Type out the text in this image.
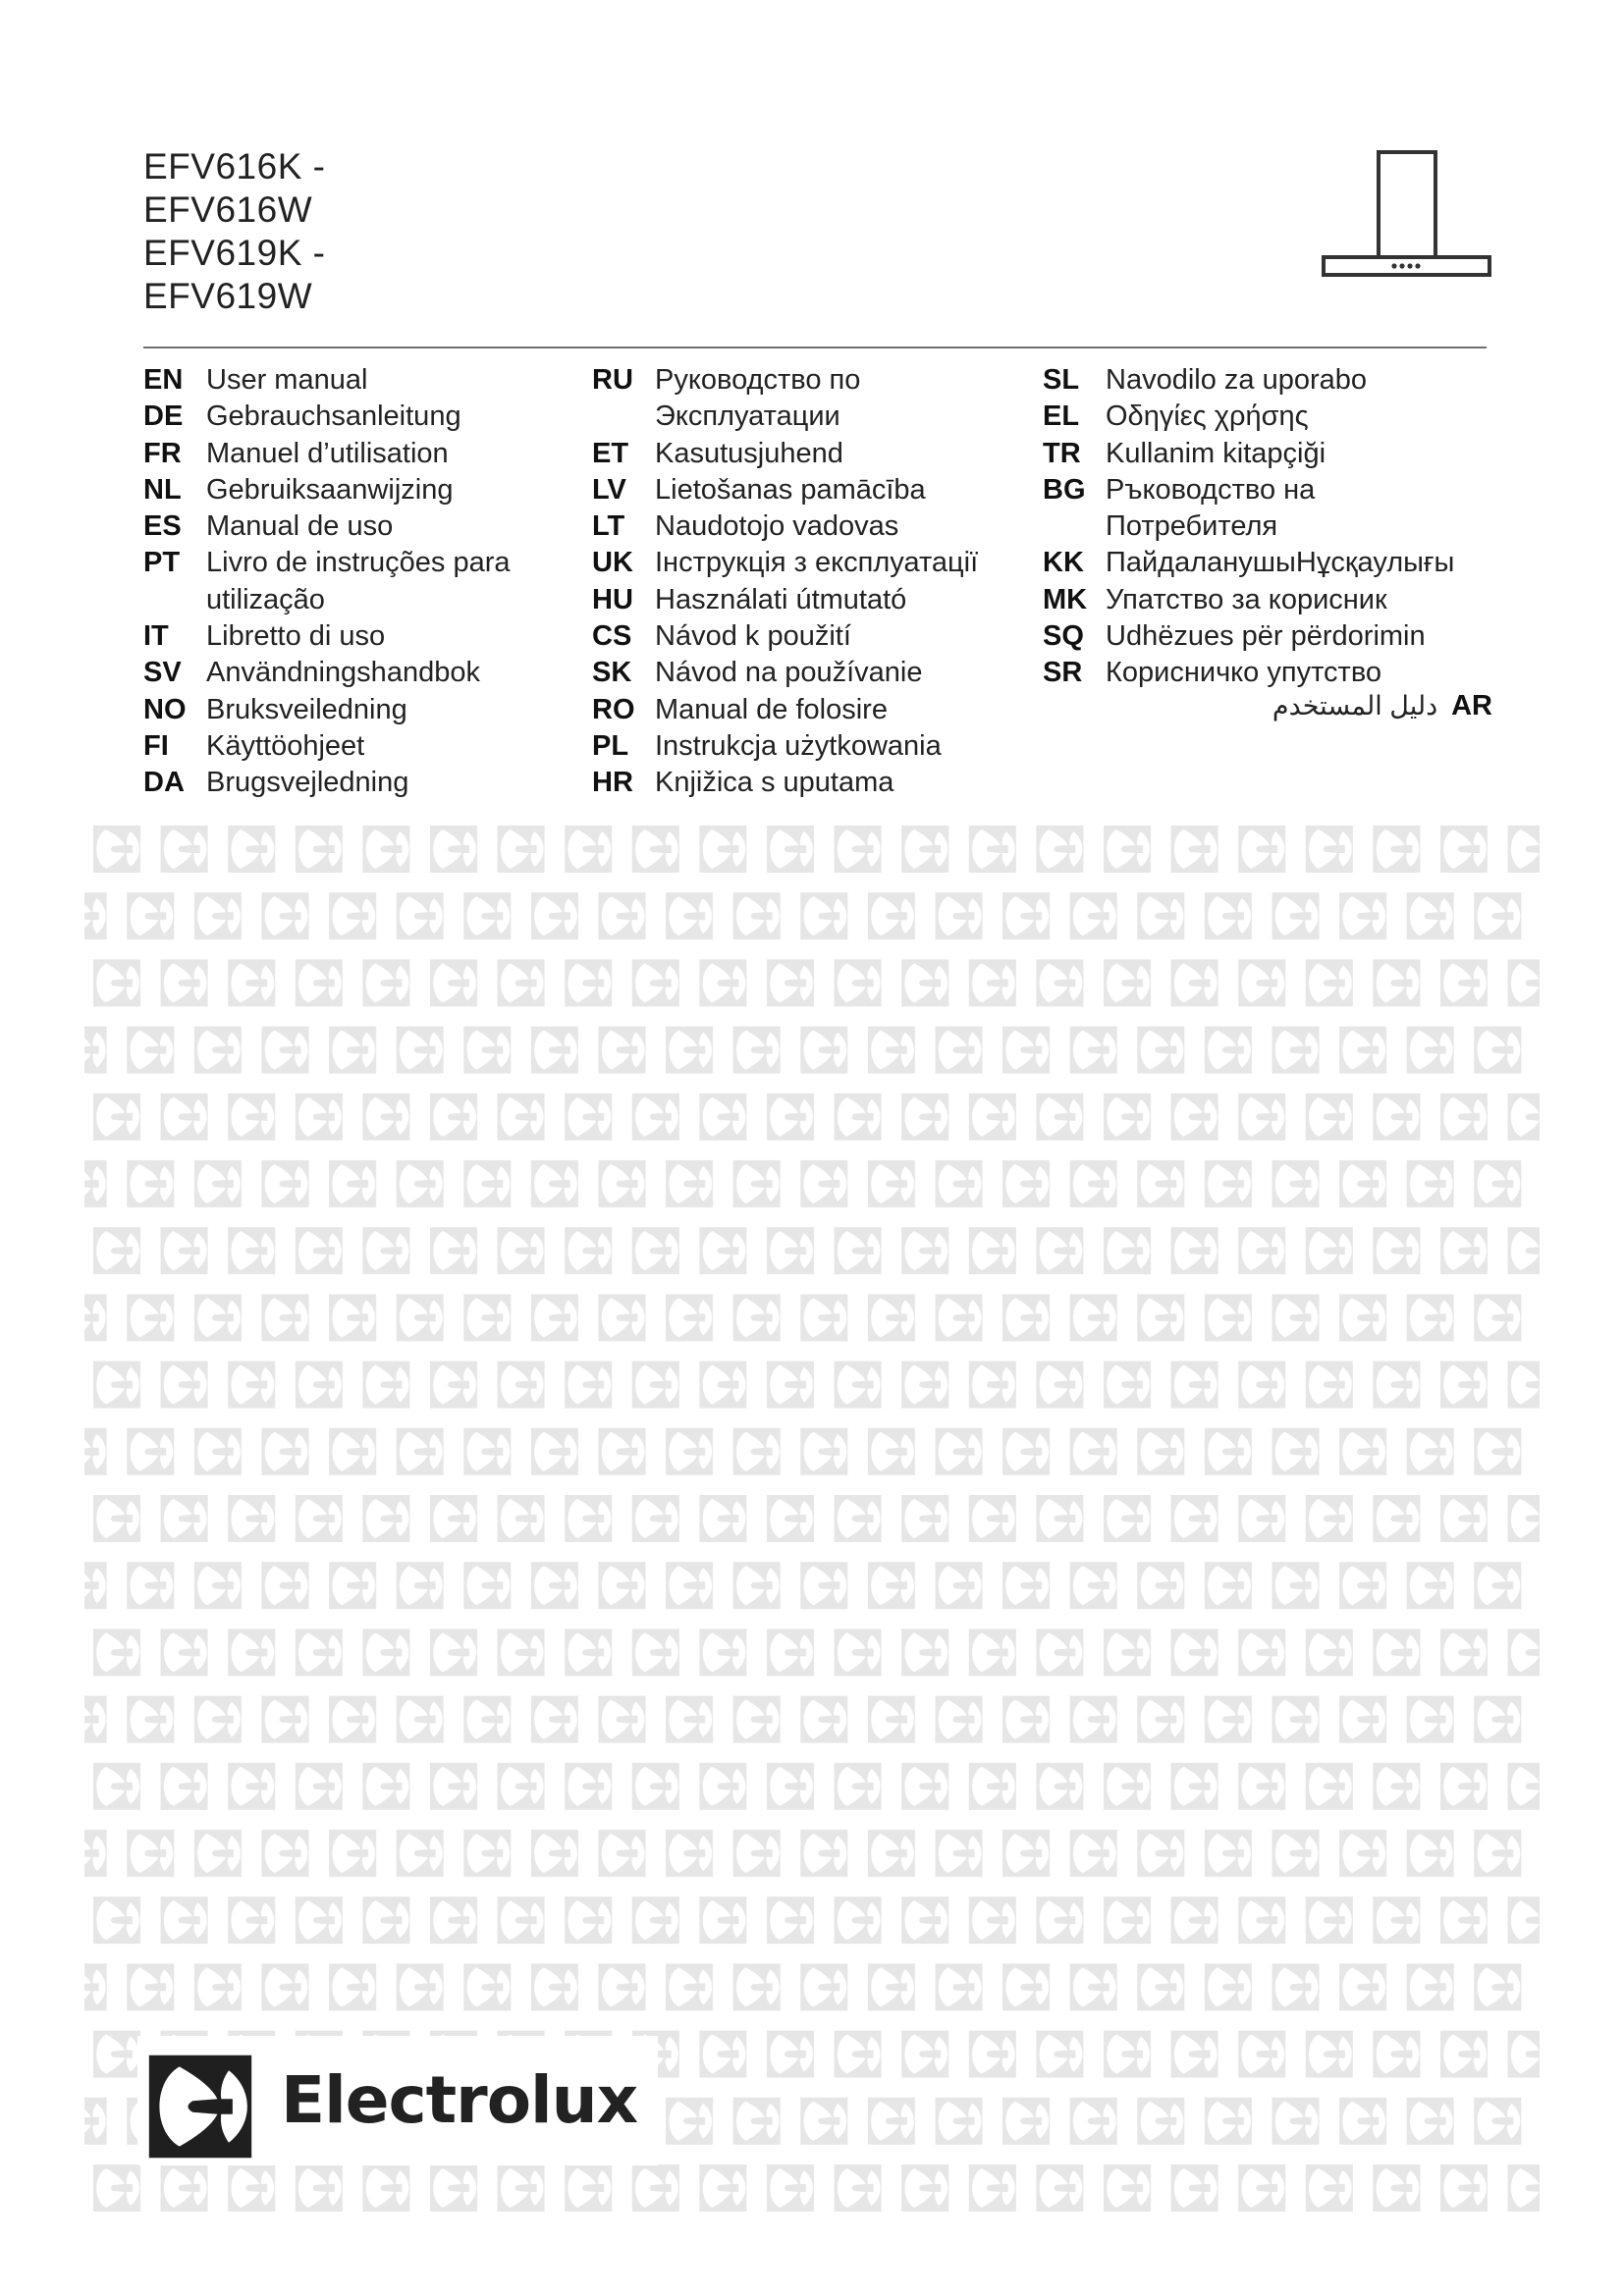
EFV616K -
EFV616W
EFV619K -
EFV619W
EN User manual
DE Gebrauchsanleitung
FR Manuel d’utilisation
NL Gebruiksaanwijzing
ES Manual de uso
PT Livro de instruções para
utilização
IT	Libretto di uso
SV Användningshandbok
NO Bruksveiledning
FI	Käyttöohjeet
DA Brugsvejledning
RU Руководство по
Эксплуатации
ET Kasutusjuhend
LV	Lietošanas pamācība
LT	Naudotojo vadovas
UK Інструкція з експлуатації
HU Használati útmutató
CS Návod k použití
SK Návod na používanie
RO Manual de folosire
PL Instrukcja użytkowania
HR Knjižica s uputama
SL Navodilo za uporabo
EL Οδηγίες χρήσης
TR Kullanim kitapçiği
BG Ръководство на
Потребителя
KK ПайдаланушыНұсқаулығы
MK Упатство за корисник
SQ Udhëzues për përdorimin
SR Корисничко упутство
دليل المستخدم AR
Electrolux
